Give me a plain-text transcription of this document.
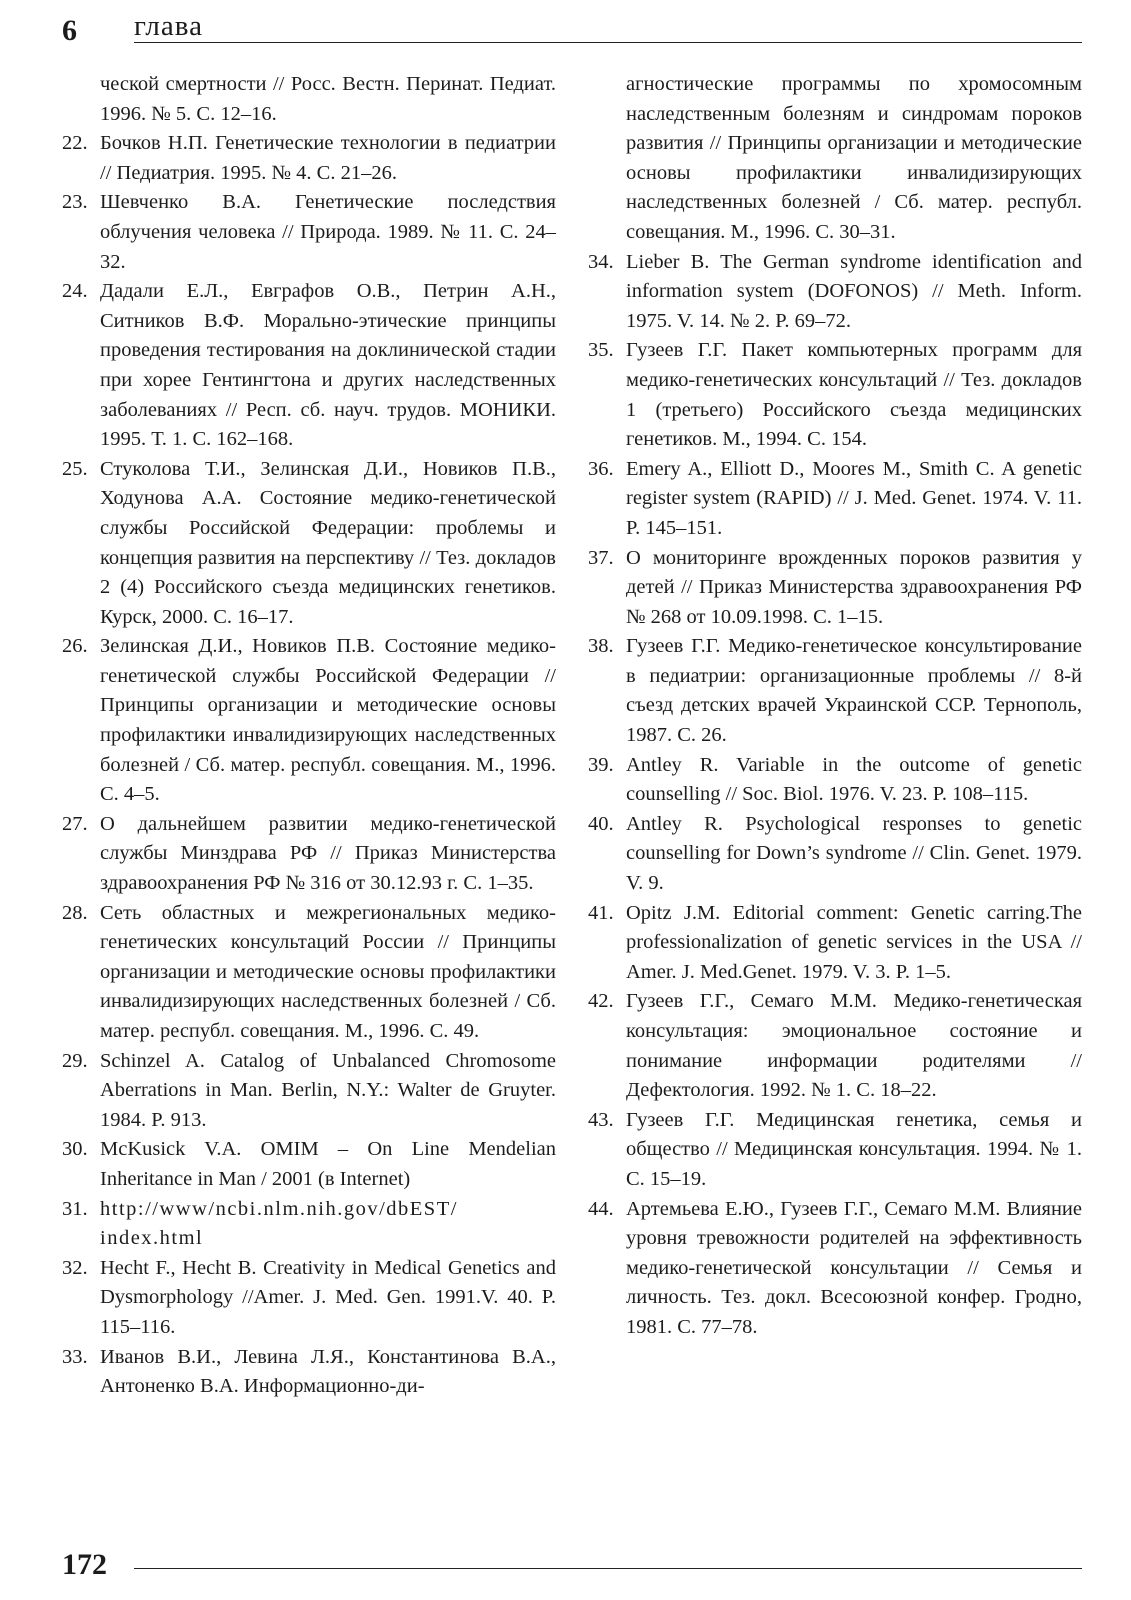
6 глава
ческой смертности // Росс. Вестн. Перинат. Педиат. 1996. № 5. С. 12–16.
22. Бочков Н.П. Генетические технологии в педиатрии // Педиатрия. 1995. № 4. С. 21–26.
23. Шевченко В.А. Генетические последствия облучения человека // Природа. 1989. № 11. С. 24–32.
24. Дадали Е.Л., Евграфов О.В., Петрин А.Н., Ситников В.Ф. Морально-этические принципы проведения тестирования на доклинической стадии при хорее Гентингтона и других наследственных заболеваниях // Респ. сб. науч. трудов. МОНИКИ. 1995. Т. 1. С. 162–168.
25. Стуколова Т.И., Зелинская Д.И., Новиков П.В., Ходунова А.А. Состояние медико-генетической службы Российской Федерации: проблемы и концепция развития на перспективу // Тез. докладов 2 (4) Российского съезда медицинских генетиков. Курск, 2000. С. 16–17.
26. Зелинская Д.И., Новиков П.В. Состояние медико-генетической службы Российской Федерации // Принципы организации и методические основы профилактики инвалидизирующих наследственных болезней / Сб. матер. республ. совещания. М., 1996. С. 4–5.
27. О дальнейшем развитии медико-генетической службы Минздрава РФ // Приказ Министерства здравоохранения РФ № 316 от 30.12.93 г. С. 1–35.
28. Сеть областных и межрегиональных медико-генетических консультаций России // Принципы организации и методические основы профилактики инвалидизирующих наследственных болезней / Сб. матер. республ. совещания. М., 1996. С. 49.
29. Schinzel A. Catalog of Unbalanced Chromosome Aberrations in Man. Berlin, N.Y.: Walter de Gruyter. 1984. P. 913.
30. McKusick V.A. OMIM – On Line Mendelian Inheritance in Man / 2001 (в Internet)
31. http://www/ncbi.nlm.nih.gov/dbEST/ index.html
32. Hecht F., Hecht B. Creativity in Medical Genetics and Dysmorphology //Amer. J. Med. Gen. 1991.V. 40. P. 115–116.
33. Иванов В.И., Левина Л.Я., Константинова В.А., Антоненко В.А. Информационно-ди-
агностические программы по хромосомным наследственным болезням и синдромам пороков развития // Принципы организации и методические основы профилактики инвалидизирующих наследственных болезней / Сб. матер. республ. совещания. М., 1996. С. 30–31.
34. Lieber B. The German syndrome identification and information system (DOFONOS) // Meth. Inform. 1975. V. 14. № 2. P. 69–72.
35. Гузеев Г.Г. Пакет компьютерных программ для медико-генетических консультаций // Тез. докладов 1 (третьего) Российского съезда медицинских генетиков. М., 1994. С. 154.
36. Emery A., Elliott D., Moores M., Smith C. A genetic register system (RAPID) // J. Med. Genet. 1974. V. 11. P. 145–151.
37. О мониторинге врожденных пороков развития у детей // Приказ Министерства здравоохранения РФ № 268 от 10.09.1998. С. 1–15.
38. Гузеев Г.Г. Медико-генетическое консультирование в педиатрии: организационные проблемы // 8-й съезд детских врачей Украинской ССР. Тернополь, 1987. С. 26.
39. Antley R. Variable in the outcome of genetic counselling // Soc. Biol. 1976. V. 23. P. 108–115.
40. Antley R. Psychological responses to genetic counselling for Down’s syndrome // Clin. Genet. 1979. V. 9.
41. Opitz J.M. Editorial comment: Genetic carring.The professionalization of genetic services in the USA // Amer. J. Med.Genet. 1979. V. 3. P. 1–5.
42. Гузеев Г.Г., Семаго М.М. Медико-генетическая консультация: эмоциональное состояние и понимание информации родителями // Дефектология. 1992. № 1. С. 18–22.
43. Гузеев Г.Г. Медицинская генетика, семья и общество // Медицинская консультация. 1994. № 1. С. 15–19.
44. Артемьева Е.Ю., Гузеев Г.Г., Семаго М.М. Влияние уровня тревожности родителей на эффективность медико-генетической консультации // Семья и личность. Тез. докл. Всесоюзной конфер. Гродно, 1981. С. 77–78.
172
